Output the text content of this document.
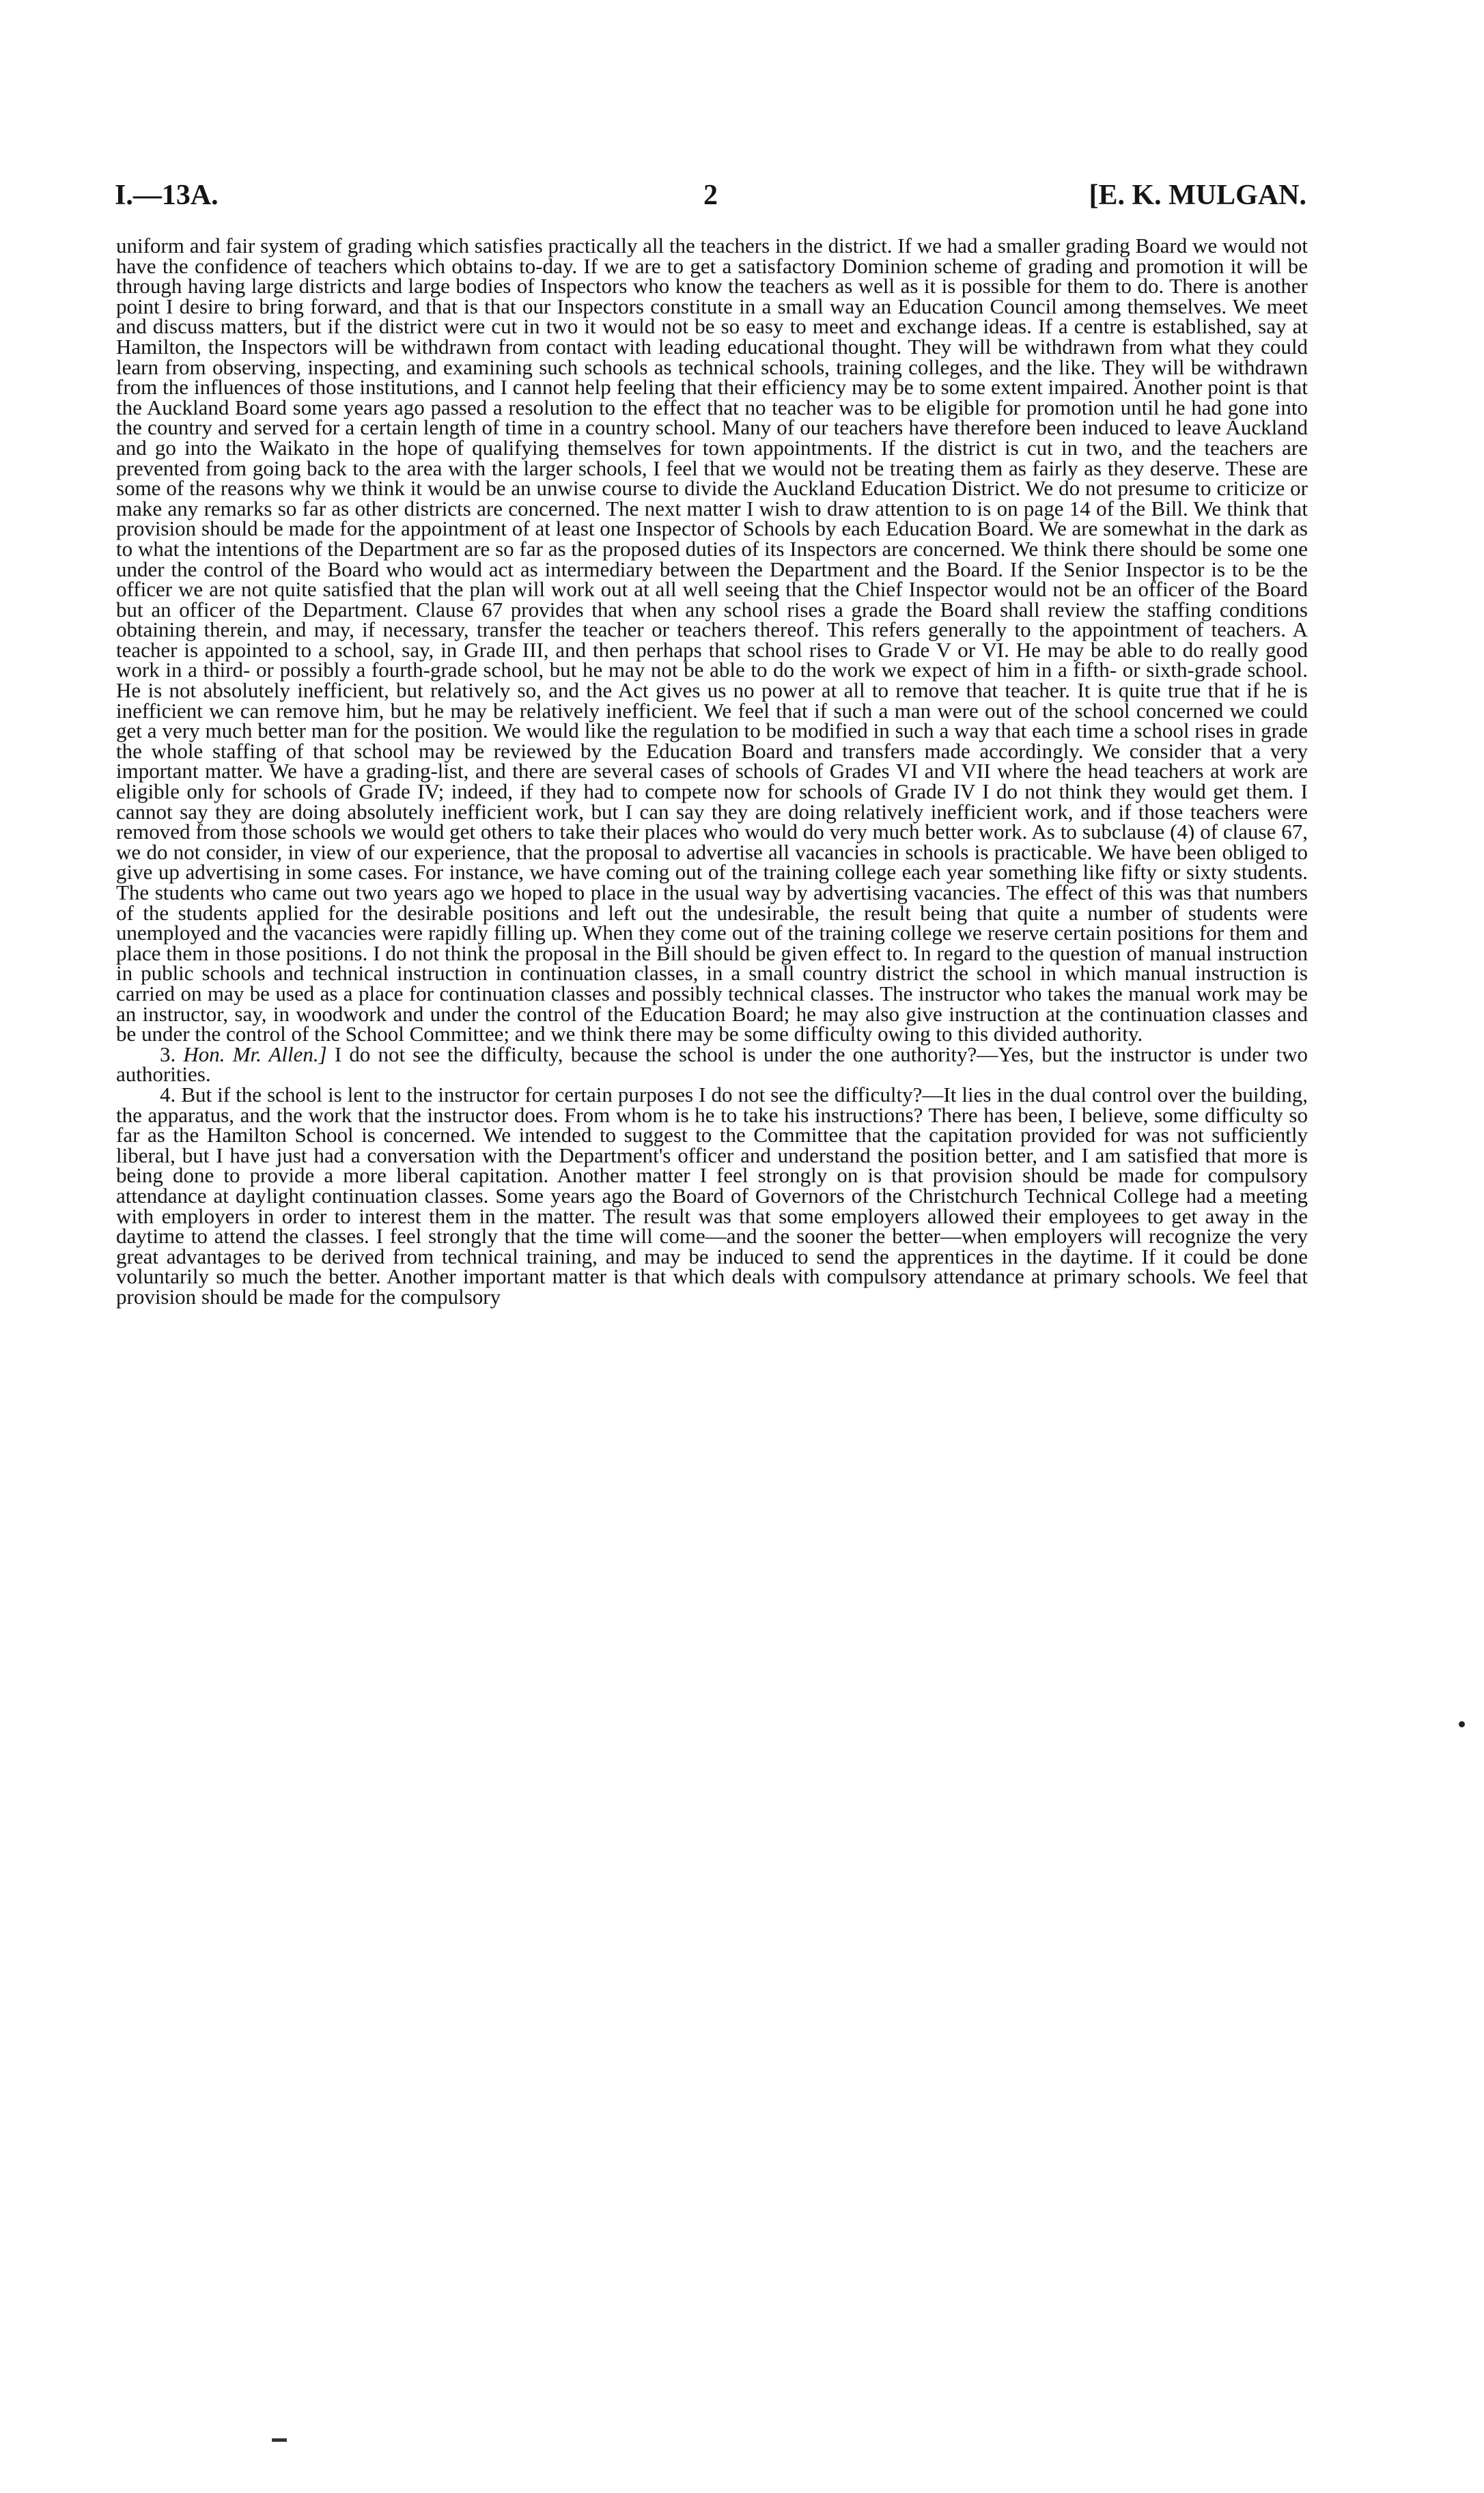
I.—13A.	2	[E. K. MULGAN.

uniform and fair system of grading which satisfies practically all the teachers in the district. If we had a smaller grading Board we would not have the confidence of teachers which obtains to-day. If we are to get a satisfactory Dominion scheme of grading and promotion it will be through having large districts and large bodies of Inspectors who know the teachers as well as it is possible for them to do. There is another point I desire to bring forward, and that is that our Inspectors constitute in a small way an Education Council among themselves. We meet and discuss matters, but if the district were cut in two it would not be so easy to meet and exchange ideas. If a centre is established, say at Hamilton, the Inspectors will be withdrawn from contact with leading educational thought. They will be withdrawn from what they could learn from observing, inspecting, and examining such schools as technical schools, training colleges, and the like. They will be withdrawn from the influences of those institutions, and I cannot help feeling that their efficiency may be to some extent impaired. Another point is that the Auckland Board some years ago passed a resolution to the effect that no teacher was to be eligible for promotion until he had gone into the country and served for a certain length of time in a country school. Many of our teachers have therefore been induced to leave Auckland and go into the Waikato in the hope of qualifying themselves for town appointments. If the district is cut in two, and the teachers are prevented from going back to the area with the larger schools, I feel that we would not be treating them as fairly as they deserve. These are some of the reasons why we think it would be an unwise course to divide the Auckland Education District. We do not presume to criticize or make any remarks so far as other districts are concerned. The next matter I wish to draw attention to is on page 14 of the Bill. We think that provision should be made for the appointment of at least one Inspector of Schools by each Education Board. We are somewhat in the dark as to what the intentions of the Department are so far as the proposed duties of its Inspectors are concerned. We think there should be some one under the control of the Board who would act as intermediary between the Department and the Board. If the Senior Inspector is to be the officer we are not quite satisfied that the plan will work out at all well seeing that the Chief Inspector would not be an officer of the Board but an officer of the Department. Clause 67 provides that when any school rises a grade the Board shall review the staffing conditions obtaining therein, and may, if necessary, transfer the teacher or teachers thereof. This refers generally to the appointment of teachers. A teacher is appointed to a school, say, in Grade III, and then perhaps that school rises to Grade V or VI. He may be able to do really good work in a third- or possibly a fourth-grade school, but he may not be able to do the work we expect of him in a fifth- or sixth-grade school. He is not absolutely inefficient, but relatively so, and the Act gives us no power at all to remove that teacher. It is quite true that if he is inefficient we can remove him, but he may be relatively inefficient. We feel that if such a man were out of the school concerned we could get a very much better man for the position. We would like the regulation to be modified in such a way that each time a school rises in grade the whole staffing of that school may be reviewed by the Education Board and transfers made accordingly. We consider that a very important matter. We have a grading-list, and there are several cases of schools of Grades VI and VII where the head teachers at work are eligible only for schools of Grade IV; indeed, if they had to compete now for schools of Grade IV I do not think they would get them. I cannot say they are doing absolutely inefficient work, but I can say they are doing relatively inefficient work, and if those teachers were removed from those schools we would get others to take their places who would do very much better work. As to subclause (4) of clause 67, we do not consider, in view of our experience, that the proposal to advertise all vacancies in schools is practicable. We have been obliged to give up advertising in some cases. For instance, we have coming out of the training college each year something like fifty or sixty students. The students who came out two years ago we hoped to place in the usual way by advertising vacancies. The effect of this was that numbers of the students applied for the desirable positions and left out the undesirable, the result being that quite a number of students were unemployed and the vacancies were rapidly filling up. When they come out of the training college we reserve certain positions for them and place them in those positions. I do not think the proposal in the Bill should be given effect to. In regard to the question of manual instruction in public schools and technical instruction in continuation classes, in a small country district the school in which manual instruction is carried on may be used as a place for continuation classes and possibly technical classes. The instructor who takes the manual work may be an instructor, say, in woodwork and under the control of the Education Board; he may also give instruction at the continuation classes and be under the control of the School Committee; and we think there may be some difficulty owing to this divided authority.

3. Hon. Mr. Allen.] I do not see the difficulty, because the school is under the one authority?—Yes, but the instructor is under two authorities.

4. But if the school is lent to the instructor for certain purposes I do not see the difficulty?—It lies in the dual control over the building, the apparatus, and the work that the instructor does. From whom is he to take his instructions? There has been, I believe, some difficulty so far as the Hamilton School is concerned. We intended to suggest to the Committee that the capitation provided for was not sufficiently liberal, but I have just had a conversation with the Department's officer and understand the position better, and I am satisfied that more is being done to provide a more liberal capitation. Another matter I feel strongly on is that provision should be made for compulsory attendance at daylight continuation classes. Some years ago the Board of Governors of the Christchurch Technical College had a meeting with employers in order to interest them in the matter. The result was that some employers allowed their employees to get away in the daytime to attend the classes. I feel strongly that the time will come—and the sooner the better—when employers will recognize the very great advantages to be derived from technical training, and may be induced to send the apprentices in the daytime. If it could be done voluntarily so much the better. Another important matter is that which deals with compulsory attendance at primary schools. We feel that provision should be made for the compulsory
